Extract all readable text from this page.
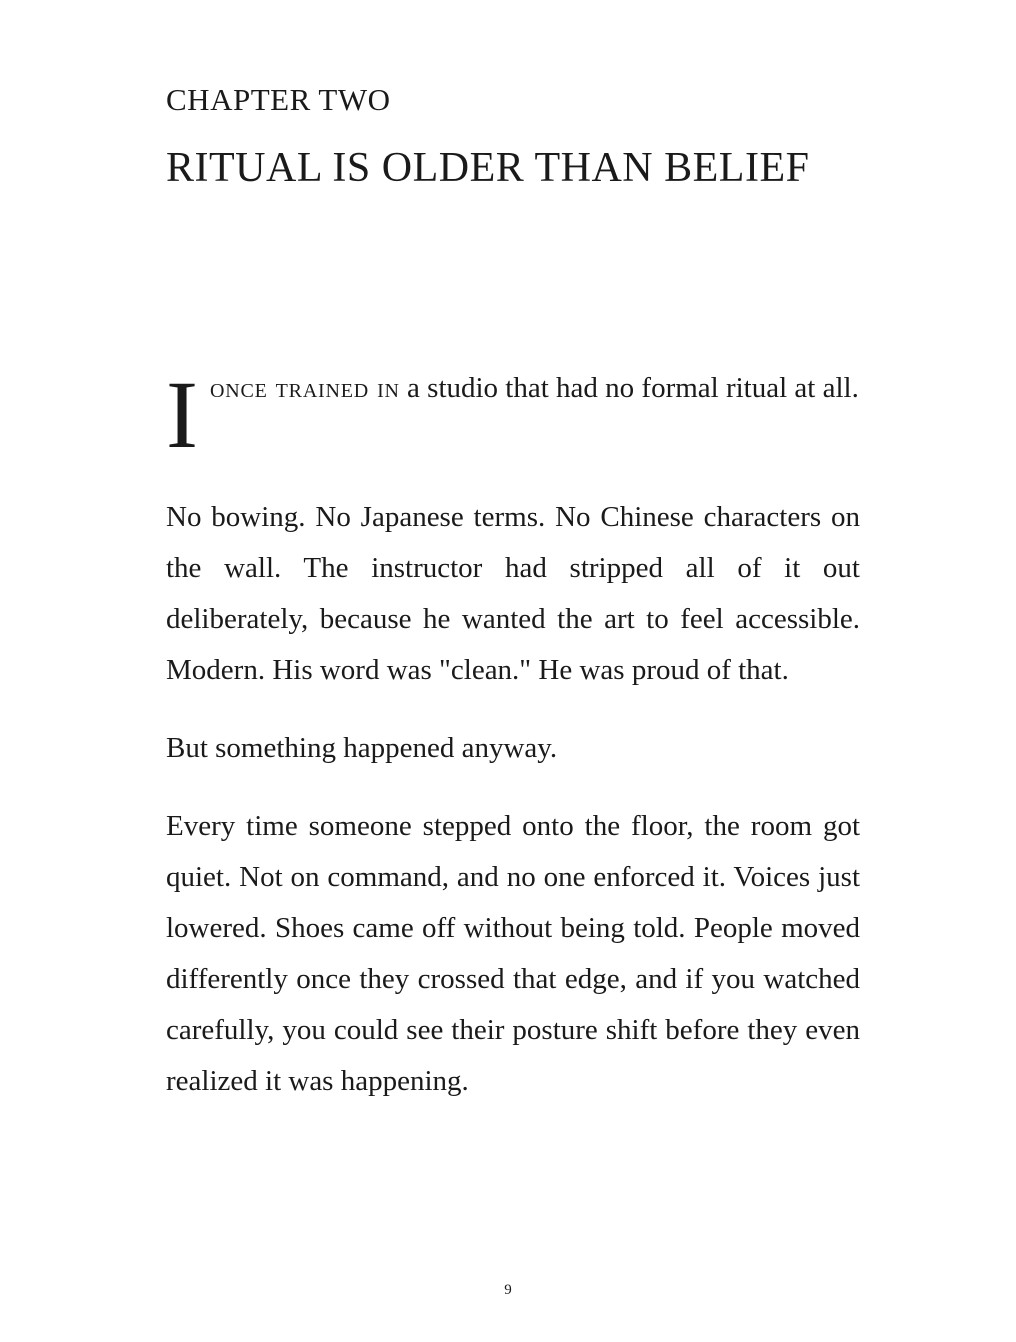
CHAPTER TWO
RITUAL IS OLDER THAN BELIEF

Ionce trained in a studio that had no formal ritual at all.

No bowing. No Japanese terms. No Chinese characters on the wall. The instructor had stripped all of it out deliberately, because he wanted the art to feel accessible. Modern. His word was "clean." He was proud of that.

But something happened anyway.

Every time someone stepped onto the floor, the room got quiet. Not on command, and no one enforced it. Voices just lowered. Shoes came off without being told. People moved differently once they crossed that edge, and if you watched carefully, you could see their posture shift before they even realized it was happening.

9
